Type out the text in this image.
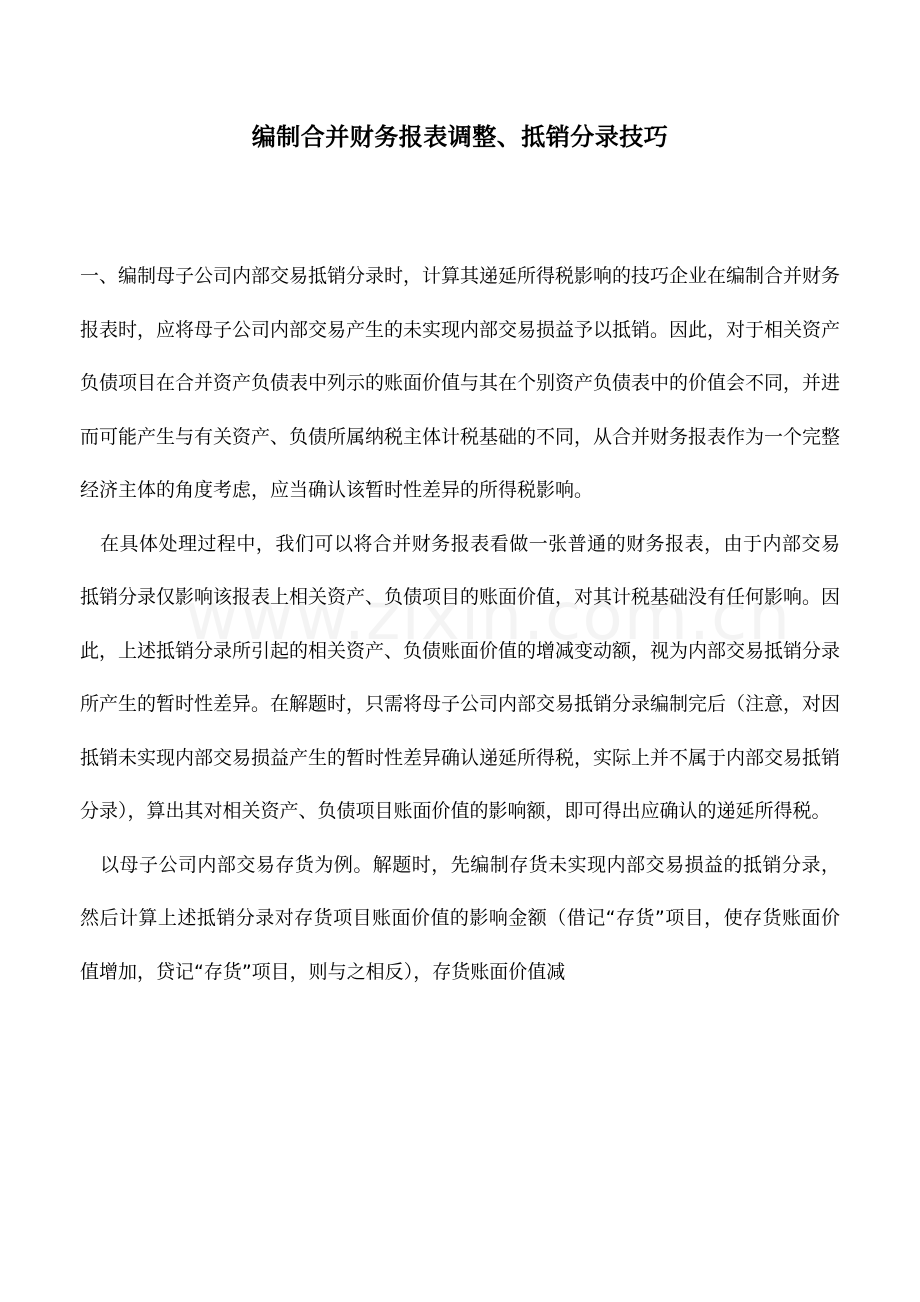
编制合并财务报表调整、抵销分录技巧

一、编制母子公司内部交易抵销分录时，计算其递延所得税影响的技巧企业在编制合并财务报表时，应将母子公司内部交易产生的未实现内部交易损益予以抵销。因此，对于相关资产负债项目在合并资产负债表中列示的账面价值与其在个别资产负债表中的价值会不同，并进而可能产生与有关资产、负债所属纳税主体计税基础的不同，从合并财务报表作为一个完整经济主体的角度考虑，应当确认该暂时性差异的所得税影响。

在具体处理过程中，我们可以将合并财务报表看做一张普通的财务报表，由于内部交易抵销分录仅影响该报表上相关资产、负债项目的账面价值，对其计税基础没有任何影响。因此，上述抵销分录所引起的相关资产、负债账面价值的增减变动额，视为内部交易抵销分录所产生的暂时性差异。在解题时，只需将母子公司内部交易抵销分录编制完后（注意，对因抵销未实现内部交易损益产生的暂时性差异确认递延所得税，实际上并不属于内部交易抵销分录），算出其对相关资产、负债项目账面价值的影响额，即可得出应确认的递延所得税。

以母子公司内部交易存货为例。解题时，先编制存货未实现内部交易损益的抵销分录，然后计算上述抵销分录对存货项目账面价值的影响金额（借记“存货”项目，使存货账面价值增加，贷记“存货”项目，则与之相反），存货账面价值减
